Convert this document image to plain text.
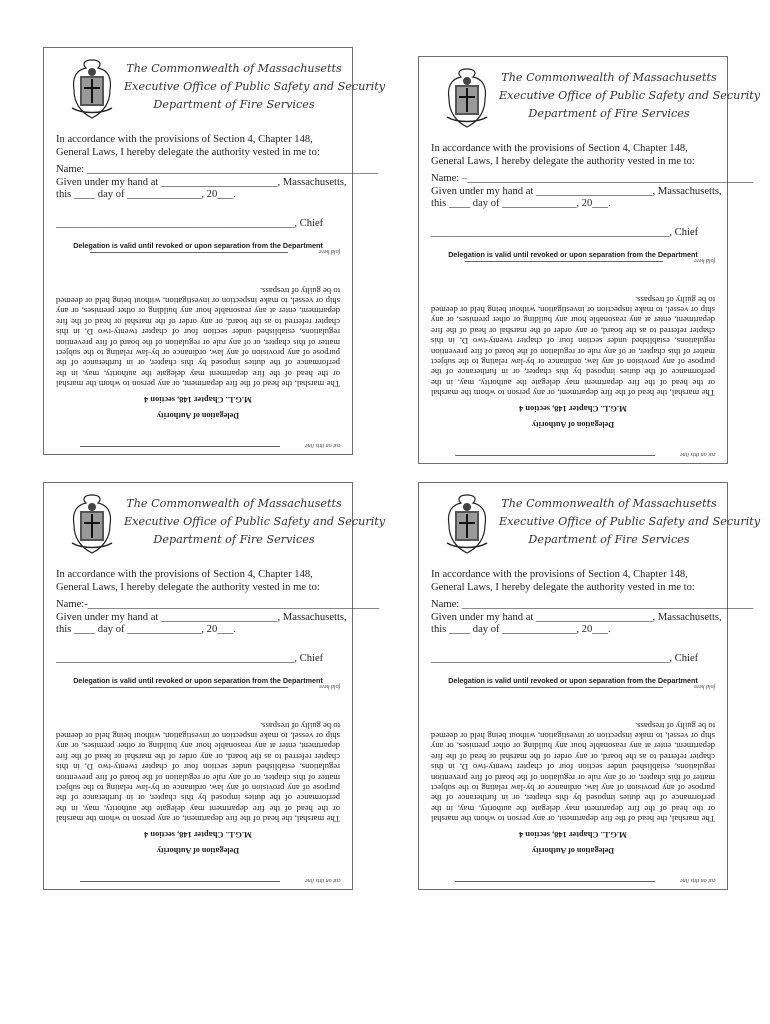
The Commonwealth of Massachusetts
Executive Office of Public Safety and Security
Department of Fire Services

In accordance with the provisions of Section 4, Chapter 148, General Laws, I hereby delegate the authority vested in me to:

Name: _______________________________________________________
Given under my hand at ______________________, Massachusetts,
this ____ day of ______________, 20___.
_____________________________________________, Chief
Delegation is valid until revoked or upon separation from the Department
fold here
Delegation of Authority
M.G.L. Chapter 148, section 4
The marshal, the head of the fire department, or any person to whom the marshal or the head of the fire department may delegate the authority, may, in the performance of the duties imposed by this chapter, or in furtherance of the purpose of any provision of any law, ordinance or by-law relating to the subject matter of this chapter, or of any rule or regulation of the board of fire prevention regulations, established under section four of chapter twenty-two D, in this chapter referred to as the board, or any order of the marshal or head of the fire department, enter at any reasonable hour any building or other premises, or any ship or vessel, to make inspection or investigation, without being held or deemed to be guilty of trespass.
cut on this line
The Commonwealth of Massachusetts
Executive Office of Public Safety and Security
Department of Fire Services

In accordance with the provisions of Section 4, Chapter 148, General Laws, I hereby delegate the authority vested in me to:

Name: –______________________________________________________
Given under my hand at ______________________, Massachusetts,
this ____ day of ______________, 20___.
_____________________________________________, Chief
Delegation is valid until revoked or upon separation from the Department
fold here
Delegation of Authority
M.G.L. Chapter 148, section 4
The marshal, the head of the fire department, or any person to whom the marshal or the head of the fire department may delegate the authority, may, in the performance of the duties imposed by this chapter, or in furtherance of the purpose of any provision of any law, ordinance or by-law relating to the subject matter of this chapter, or of any rule or regulation of the board of fire prevention regulations, established under section four of chapter twenty-two D, in this chapter referred to as the board, or any order of the marshal or head of the fire department, enter at any reasonable hour any building or other premises, or any ship or vessel, to make inspection or investigation, without being held or deemed to be guilty of trespass.
cut on this line
The Commonwealth of Massachusetts
Executive Office of Public Safety and Security
Department of Fire Services

In accordance with the provisions of Section 4, Chapter 148, General Laws, I hereby delegate the authority vested in me to:

Name:-_______________________________________________________
Given under my hand at ______________________, Massachusetts,
this ____ day of ______________, 20___.
_____________________________________________, Chief
Delegation is valid until revoked or upon separation from the Department
fold here
Delegation of Authority
M.G.L. Chapter 148, section 4
The marshal, the head of the fire department, or any person to whom the marshal or the head of the fire department may delegate the authority, may, in the performance of the duties imposed by this chapter, or in furtherance of the purpose of any provision of any law, ordinance or by-law relating to the subject matter of this chapter, or of any rule or regulation of the board of fire prevention regulations, established under section four of chapter twenty-two D, in this chapter referred to as the board, or any order of the marshal or head of the fire department, enter at any reasonable hour any building or other premises, or any ship or vessel, to make inspection or investigation, without being held or deemed to be guilty of trespass.
cut on this line
The Commonwealth of Massachusetts
Executive Office of Public Safety and Security
Department of Fire Services

In accordance with the provisions of Section 4, Chapter 148, General Laws, I hereby delegate the authority vested in me to:

Name: _______________________________________________________
Given under my hand at ______________________, Massachusetts,
this ____ day of ______________, 20___.
_____________________________________________, Chief
Delegation is valid until revoked or upon separation from the Department
fold here
Delegation of Authority
M.G.L. Chapter 148, section 4
The marshal, the head of the fire department, or any person to whom the marshal or the head of the fire department may delegate the authority, may, in the performance of the duties imposed by this chapter, or in furtherance of the purpose of any provision of any law, ordinance or by-law relating to the subject matter of this chapter, or of any rule or regulation of the board of fire prevention regulations, established under section four of chapter twenty-two D, in this chapter referred to as the board, or any order of the marshal or head of the fire department, enter at any reasonable hour any building or other premises, or any ship or vessel, to make inspection or investigation, without being held or deemed to be guilty of trespass.
cut on this line
